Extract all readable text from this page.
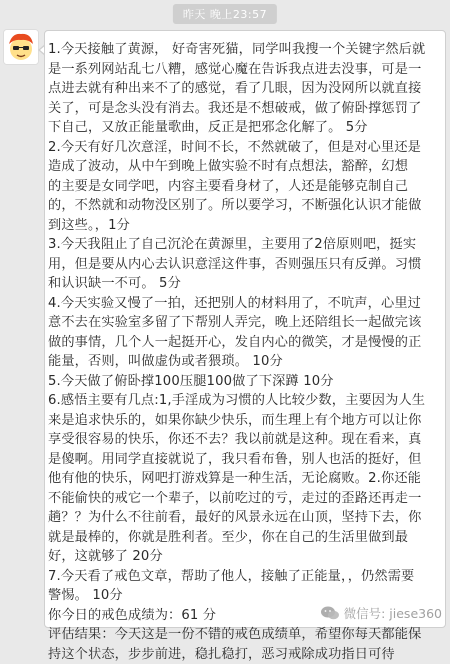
昨天 晚上23:57
1.今天接触了黄源， 好奇害死猫，同学叫我搜一个关键字然后就
是一系列网站乱七八糟，感觉心魔在告诉我点进去没事，可是一
点进去就有种出来不了的感觉，看了几眼，因为没网所以就直接
关了，可是念头没有消去。我还是不想破戒，做了俯卧撑惩罚了
下自己，又放正能量歌曲，反正是把邪念化解了。 5分
2.今天有好几次意淫，时间不长，不然就破了，但是对心里还是
造成了波动，从中午到晚上做实验不时有点想法，豁醉，幻想
的主要是女同学吧，内容主要看身材了，人还是能够克制自己
的，不然就和动物没区别了。所以要学习，不断强化认识才能做
到这些。，1分
3.今天我阻止了自己沉沦在黄源里，主要用了2倍原则吧，挺实
用，但是要从内心去认识意淫这件事，否则强压只有反弹。习惯
和认识缺一不可。 5分
4.今天实验又慢了一拍，还把别人的材料用了，不吭声，心里过
意不去在实验室多留了下帮别人弄完，晚上还陪组长一起做完该
做的事情，几个人一起挺开心，发自内心的微笑，才是慢慢的正
能量，否则，叫做虚伪或者猥琐。 10分
5.今天做了俯卧撑100压腿100做了下深蹲 10分
6.感悟主要有几点:1,手淫成为习惯的人比较少数，主要因为人生
来是追求快乐的，如果你缺少快乐，而生理上有个地方可以让你
享受很容易的快乐，你还不去？我以前就是这种。现在看来，真
是傻啊。用同学直接就说了，我只看布鲁，别人也活的挺好，但
他有他的快乐，网吧打游戏算是一种生活，无论腐败。2.你还能
不能偷快的戒它一个辈子，以前吃过的亏，走过的歪路还再走一
趟？？为什么不往前看，最好的风景永远在山顶，坚持下去，你
就是最棒的，你就是胜利者。至少，你在自己的生活里做到最
好，这就够了 20分
7.今天看了戒色文章，帮助了他人，接触了正能量，，仍然需要
警惕。 10分
你今日的戒色成绩为：61 分
评估结果：今天这是一份不错的戒色成绩单，希望你每天都能保
持这个状态，步步前进，稳扎稳打，恶习戒除成功指日可待
微信号: jiese360
